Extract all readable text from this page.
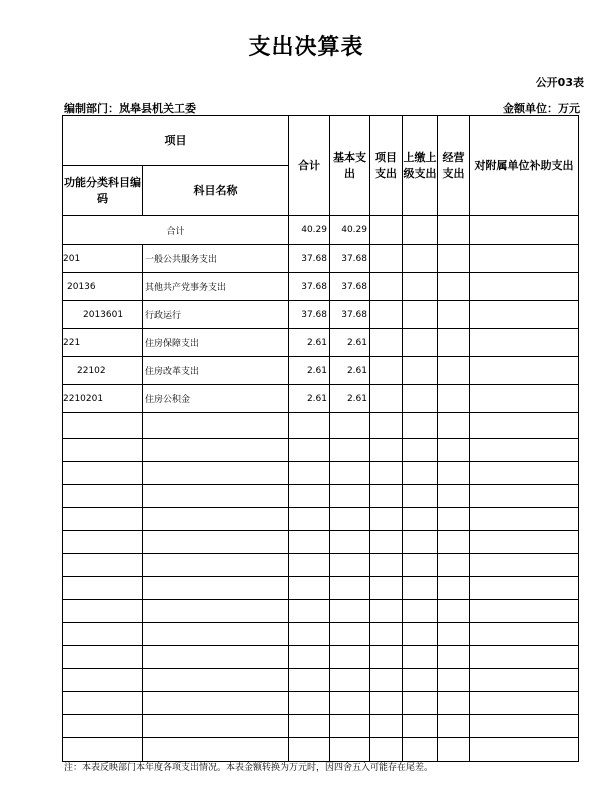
支出决算表
公开03表
编制部门：岚皋县机关工委	金额单位：万元
项目		合计	基本支出	项目支出	上缴上级支出	经营支出	对附属单位补助支出
功能分类科目编码	科目名称						
合计		40.29	40.29				
201	一般公共服务支出	37.68	37.68				
20136	其他共产党事务支出	37.68	37.68				
2013601	行政运行	37.68	37.68				
221	住房保障支出	2.61	2.61				
22102	住房改革支出	2.61	2.61				
2210201	住房公积金	2.61	2.61				

注：本表反映部门本年度各项支出情况。本表金额转换为万元时，因四舍五入可能存在尾差。
